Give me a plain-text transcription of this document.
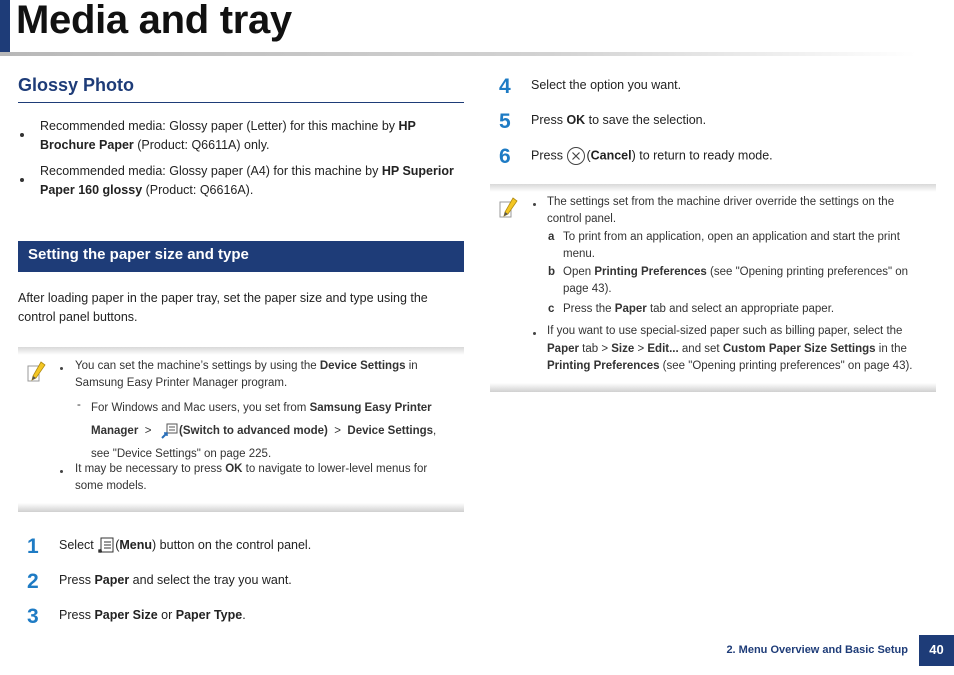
Media and tray
Glossy Photo
Recommended media: Glossy paper (Letter) for this machine by HP
Brochure Paper (Product: Q6611A) only.
Recommended media: Glossy paper (A4) for this machine by HP Superior
Paper 160 glossy (Product: Q6616A).
Setting the paper size and type
After loading paper in the paper tray, set the paper size and type using the
control panel buttons.
You can set the machine’s settings by using the Device Settings in
Samsung Easy Printer Manager program.
- For Windows and Mac users, you set from Samsung Easy Printer
Manager > (Switch to advanced mode) > Device Settings,
see "Device Settings" on page 225.
It may be necessary to press OK to navigate to lower-level menus for
some models.
1 Select (Menu) button on the control panel.
2 Press Paper and select the tray you want.
3 Press Paper Size or Paper Type.
4 Select the option you want.
5 Press OK to save the selection.
6 Press (Cancel) to return to ready mode.
The settings set from the machine driver override the settings on the
control panel.
a To print from an application, open an application and start the print
menu.
b Open Printing Preferences (see "Opening printing preferences" on
page 43).
c Press the Paper tab and select an appropriate paper.
If you want to use special-sized paper such as billing paper, select the
Paper tab > Size > Edit... and set Custom Paper Size Settings in the
Printing Preferences (see "Opening printing preferences" on page 43).
2. Menu Overview and Basic Setup	40
